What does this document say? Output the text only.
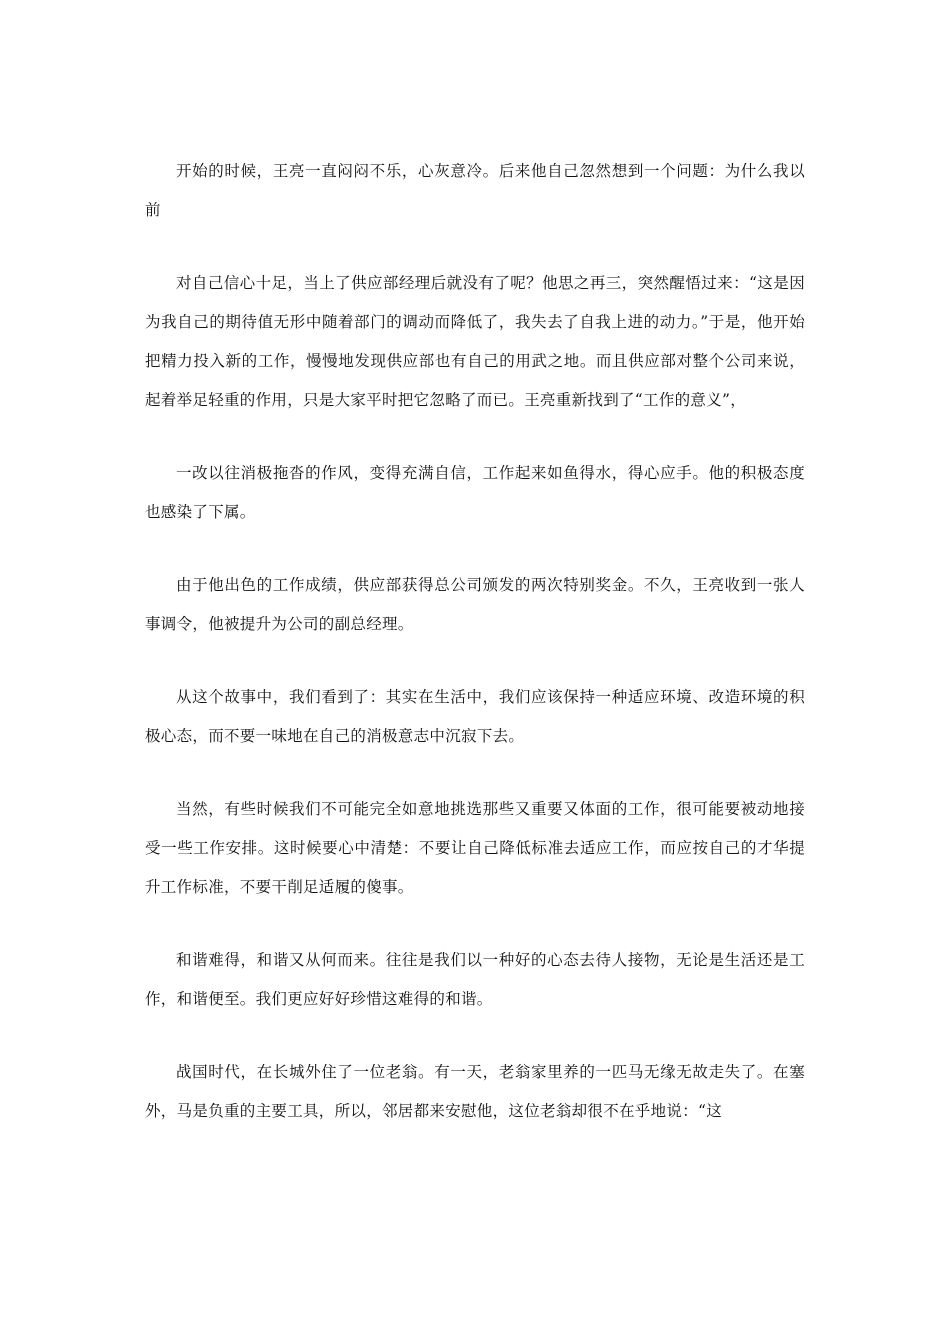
开始的时候，王亮一直闷闷不乐，心灰意冷。后来他自己忽然想到一个问题：为什么我以前

对自己信心十足，当上了供应部经理后就没有了呢？他思之再三，突然醒悟过来：“这是因为我自己的期待值无形中随着部门的调动而降低了，我失去了自我上进的动力。”于是，他开始把精力投入新的工作，慢慢地发现供应部也有自己的用武之地。而且供应部对整个公司来说，起着举足轻重的作用，只是大家平时把它忽略了而已。王亮重新找到了“工作的意义”，

一改以往消极拖沓的作风，变得充满自信，工作起来如鱼得水，得心应手。他的积极态度也感染了下属。

由于他出色的工作成绩，供应部获得总公司颁发的两次特别奖金。不久，王亮收到一张人事调令，他被提升为公司的副总经理。

从这个故事中，我们看到了：其实在生活中，我们应该保持一种适应环境、改造环境的积极心态，而不要一味地在自己的消极意志中沉寂下去。

当然，有些时候我们不可能完全如意地挑选那些又重要又体面的工作，很可能要被动地接受一些工作安排。这时候要心中清楚：不要让自己降低标准去适应工作，而应按自己的才华提升工作标准，不要干削足适履的傻事。

和谐难得，和谐又从何而来。往往是我们以一种好的心态去待人接物，无论是生活还是工作，和谐便至。我们更应好好珍惜这难得的和谐。

战国时代，在长城外住了一位老翁。有一天，老翁家里养的一匹马无缘无故走失了。在塞外，马是负重的主要工具，所以，邻居都来安慰他，这位老翁却很不在乎地说：“这
